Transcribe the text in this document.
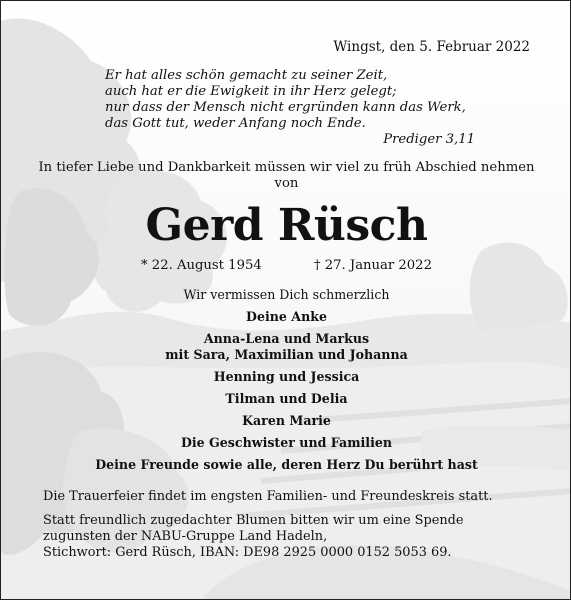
Wingst, den 5. Februar 2022
Er hat alles schön gemacht zu seiner Zeit,
auch hat er die Ewigkeit in ihr Herz gelegt;
nur dass der Mensch nicht ergründen kann das Werk,
das Gott tut, weder Anfang noch Ende.
Prediger 3,11
In tiefer Liebe und Dankbarkeit müssen wir viel zu früh Abschied nehmen
von
Gerd Rüsch
* 22. August 1954	† 27. Januar 2022
Wir vermissen Dich schmerzlich
Deine Anke
Anna-Lena und Markus
mit Sara, Maximilian und Johanna
Henning und Jessica
Tilman und Delia
Karen Marie
Die Geschwister und Familien
Deine Freunde sowie alle, deren Herz Du berührt hast
Die Trauerfeier findet im engsten Familien- und Freundeskreis statt.
Statt freundlich zugedachter Blumen bitten wir um eine Spende
zugunsten der NABU-Gruppe Land Hadeln,
Stichwort: Gerd Rüsch, IBAN: DE98 2925 0000 0152 5053 69.
